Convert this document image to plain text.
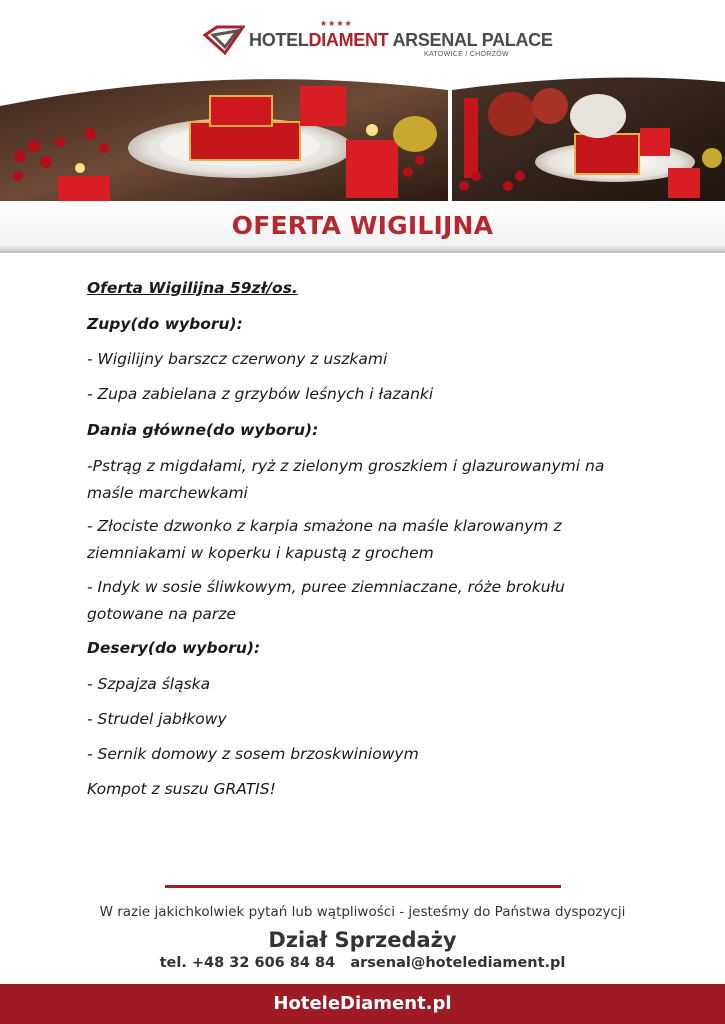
★★★★
HOTELDIAMENT ARSENAL PALACE
KATOWICE / CHORZÓW
OFERTA WIGILIJNA
Oferta Wigilijna 59zł/os.
Zupy(do wyboru):
- Wigilijny barszcz czerwony z uszkami
- Zupa zabielana z grzybów leśnych i łazanki
Dania główne(do wyboru):
-Pstrąg z migdałami, ryż z zielonym groszkiem i glazurowanymi na maśle marchewkami
- Złociste dzwonko z karpia smażone na maśle klarowanym z ziemniakami w koperku i kapustą z grochem
- Indyk w sosie śliwkowym, puree ziemniaczane, róże brokułu gotowane na parze
Desery(do wyboru):
- Szpajza śląska
- Strudel jabłkowy
- Sernik domowy z sosem brzoskwiniowym
Kompot z suszu GRATIS!
W razie jakichkolwiek pytań lub wątpliwości - jesteśmy do Państwa dyspozycji
Dział Sprzedaży
tel. +48 32 606 84 84   arsenal@hotelediament.pl
HoteleDiament.pl
